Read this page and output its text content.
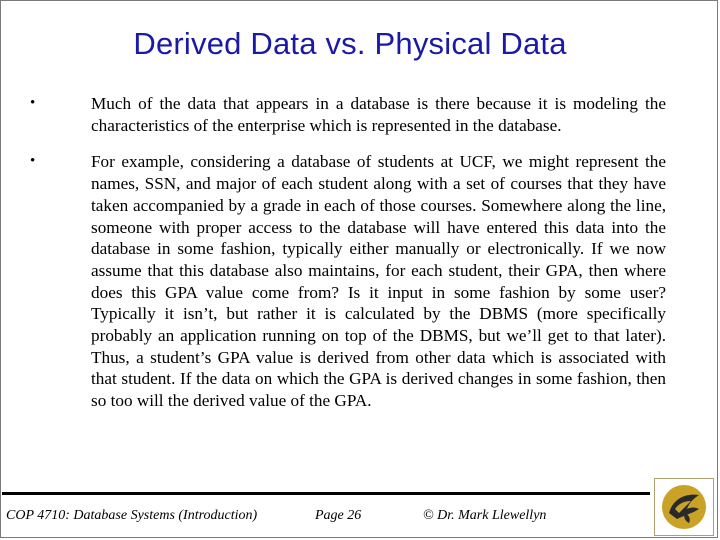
Derived Data vs. Physical Data
•	Much of the data that appears in a database is there because it is modeling the characteristics of the enterprise which is represented in the database.
•	For example, considering a database of students at UCF, we might represent the names, SSN, and major of each student along with a set of courses that they have taken accompanied by a grade in each of those courses. Somewhere along the line, someone with proper access to the database will have entered this data into the database in some fashion, typically either manually or electronically. If we now assume that this database also maintains, for each student, their GPA, then where does this GPA value come from? Is it input in some fashion by some user? Typically it isn’t, but rather it is calculated by the DBMS (more specifically probably an application running on top of the DBMS, but we’ll get to that later). Thus, a student’s GPA value is derived from other data which is associated with that student. If the data on which the GPA is derived changes in some fashion, then so too will the derived value of the GPA.
COP 4710: Database Systems (Introduction)	Page 26	© Dr. Mark Llewellyn
